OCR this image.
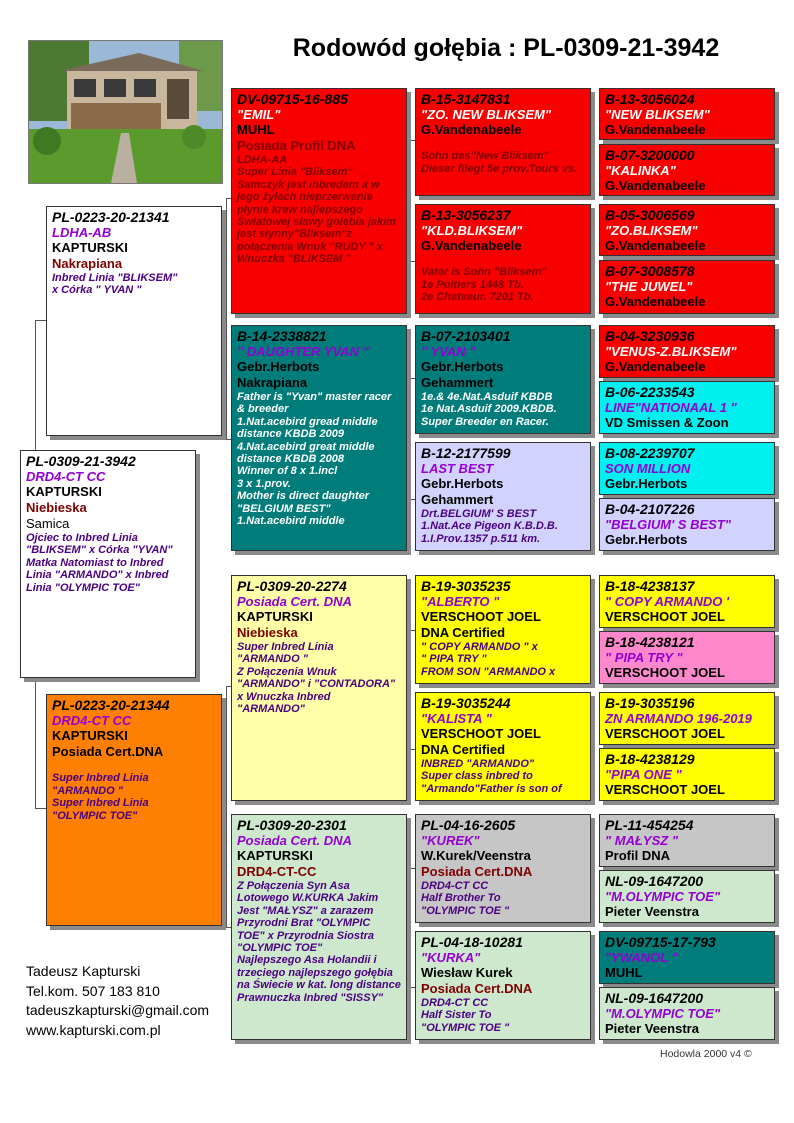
Rodowód gołębia : PL-0309-21-3942
PL-0309-21-3942
DRD4-CT CC
KAPTURSKI
Niebieska
Samica
Ojciec to Inbred Linia "BLIKSEM" x Córka "YVAN"
Matka Natomiast to Inbred Linia "ARMANDO" x Inbred Linia "OLYMPIC TOE"
PL-0223-20-21341
LDHA-AB
KAPTURSKI
Nakrapiana
Inbred Linia "BLIKSEM"
x Córka " YVAN "
PL-0223-20-21344
DRD4-CT CC
KAPTURSKI
Posiada Cert.DNA

Super Inbred Linia
"ARMANDO "
Super Inbred Linia
"OLYMPIC TOE"
DV-09715-16-885
"EMIL"
MUHL
Posiada Profil DNA
LDHA-AA
Super Linia "Bliksem"
Samczyk jest inbredem a w jego żyłach nieprzerwanie płynie krew najlepszego Światowej sławy gołębia jakim jest słynny"Bliksem"z połączenia Wnuk "RUDY " x Wnuczka "BLIKSEM "
B-14-2338821
" DAUGHTER YVAN "
Gebr.Herbots
Nakrapiana
Father is "Yvan" master racer & breeder
1.Nat.acebird gread middle distance KBDB 2009
4.Nat.acebird great middle distance KBDB 2008
Winner of 8 x 1.incl
3 x 1.prov.
Mother is direct daughter "BELGIUM BEST"
1.Nat.acebird middle
PL-0309-20-2274
Posiada Cert. DNA
KAPTURSKI
Niebieska
Super Inbred Linia
"ARMANDO "
Z Połączenia Wnuk "ARMANDO" i "CONTADORA"
x Wnuczka Inbred "ARMANDO"
PL-0309-20-2301
Posiada Cert. DNA
KAPTURSKI
DRD4-CT-CC
Z Połączenia Syn Asa Lotowego W.KURKA Jakim Jest "MAŁYSZ" a zarazem Przyrodni Brat "OLYMPIC TOE" x Przyrodnia Siostra "OLYMPIC TOE"
Najlepszego Asa Holandii i trzeciego najlepszego gołębia na Świecie w kat. long distance Prawnuczka Inbred "SISSY"
B-15-3147831
"ZO. NEW BLIKSEM"
G.Vandenabeele

Sohn des"New Bliksem"
Dieser fliegt 5e prov.Tours vs.
B-13-3056237
"KLD.BLIKSEM"
G.Vandenabeele

Vater is Sohn "Bliksem"
1e Poitiers 1448 Tb.
2e Chateaur. 7201 Tb.
B-07-2103401
" YVAN "
Gebr.Herbots
Gehammert
1e.& 4e.Nat.Asduif KBDB
1e Nat.Asduif 2009.KBDB.
Super Breeder en Racer.
B-12-2177599
LAST BEST
Gebr.Herbots
Gehammert
Drt.BELGIUM' S BEST
1.Nat.Ace Pigeon K.B.D.B.
1.I.Prov.1357 p.511 km.
B-19-3035235
"ALBERTO "
VERSCHOOT JOEL
DNA Certified
" COPY ARMANDO " x
" PIPA TRY "
FROM SON "ARMANDO x
B-19-3035244
"KALISTA "
VERSCHOOT JOEL
DNA Certified
INBRED "ARMANDO"
Super class inbred to "Armando"Father is son of
PL-04-16-2605
"KUREK"
W.Kurek/Veenstra
Posiada Cert.DNA
DRD4-CT CC
Half Brother To
"OLYMPIC TOE "
PL-04-18-10281
"KURKA"
Wiesław Kurek
Posiada Cert.DNA
DRD4-CT CC
Half Sister To
"OLYMPIC TOE "
B-13-3056024
"NEW BLIKSEM"
G.Vandenabeele
B-07-3200000
"KALINKA"
G.Vandenabeele
B-05-3006569
"ZO.BLIKSEM"
G.Vandenabeele
B-07-3008578
"THE JUWEL"
G.Vandenabeele
B-04-3230936
"VENUS-Z.BLIKSEM"
G.Vandenabeele
B-06-2233543
LINE"NATIONAAL 1 "
VD Smissen & Zoon
B-08-2239707
SON MILLION
Gebr.Herbots
B-04-2107226
"BELGIUM' S BEST"
Gebr.Herbots
B-18-4238137
" COPY ARMANDO '
VERSCHOOT JOEL
B-18-4238121
" PIPA TRY "
VERSCHOOT JOEL
B-19-3035196
ZN ARMANDO 196-2019
VERSCHOOT JOEL
B-18-4238129
"PIPA ONE "
VERSCHOOT JOEL
PL-11-454254
" MAŁYSZ "
Profil DNA
NL-09-1647200
"M.OLYMPIC TOE"
Pieter Veenstra
DV-09715-17-793
"YWANOL "
MUHL
NL-09-1647200
"M.OLYMPIC TOE"
Pieter Veenstra
Tadeusz Kapturski
Tel.kom. 507 183 810
tadeuszkapturski@gmail.com
www.kapturski.com.pl
Hodowla 2000 v4 ©
